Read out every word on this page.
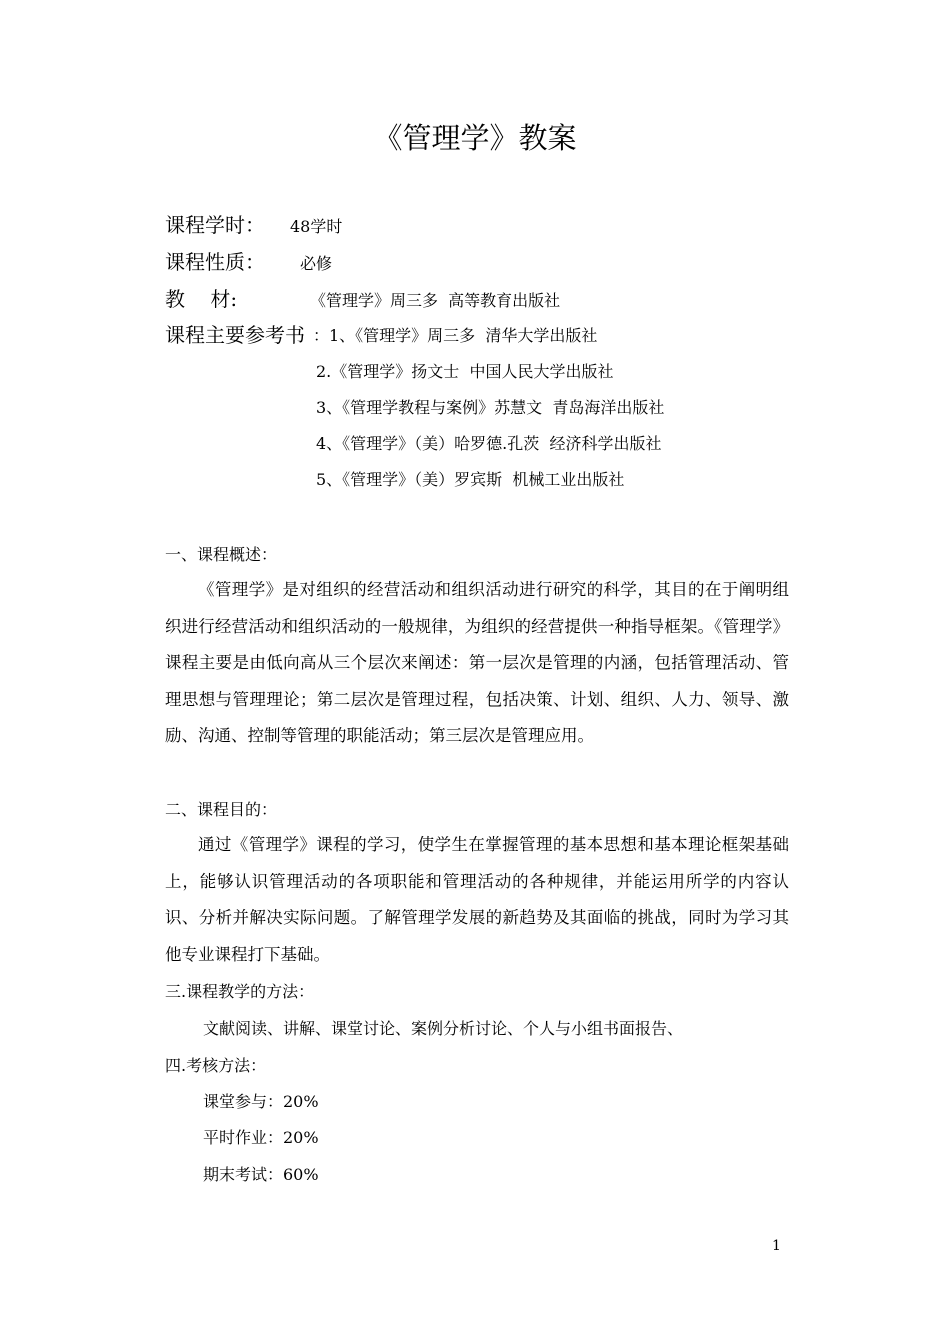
《管理学》教案
课程学时： 48学时
课程性质： 必修
教    材:	《管理学》周三多  高等教育出版社
课程主要参考书 ：1、《管理学》周三多  清华大学出版社
2.《管理学》扬文士  中国人民大学出版社
3、《管理学教程与案例》苏慧文  青岛海洋出版社
4、《管理学》（美）哈罗德.孔茨  经济科学出版社
5、《管理学》（美）罗宾斯  机械工业出版社
一、课程概述：
《管理学》是对组织的经营活动和组织活动进行研究的科学，其目的在于阐明组织进行经营活动和组织活动的一般规律，为组织的经营提供一种指导框架。《管理学》课程主要是由低向高从三个层次来阐述：第一层次是管理的内涵，包括管理活动、管理思想与管理理论；第二层次是管理过程，包括决策、计划、组织、人力、领导、激励、沟通、控制等管理的职能活动；第三层次是管理应用。
二、课程目的：
通过《管理学》课程的学习，使学生在掌握管理的基本思想和基本理论框架基础上，能够认识管理活动的各项职能和管理活动的各种规律，并能运用所学的内容认识、分析并解决实际问题。了解管理学发展的新趋势及其面临的挑战，同时为学习其他专业课程打下基础。
三.课程教学的方法：
文献阅读、讲解、课堂讨论、案例分析讨论、个人与小组书面报告、
四.考核方法：
课堂参与：20%
平时作业：20%
期末考试：60%
1
